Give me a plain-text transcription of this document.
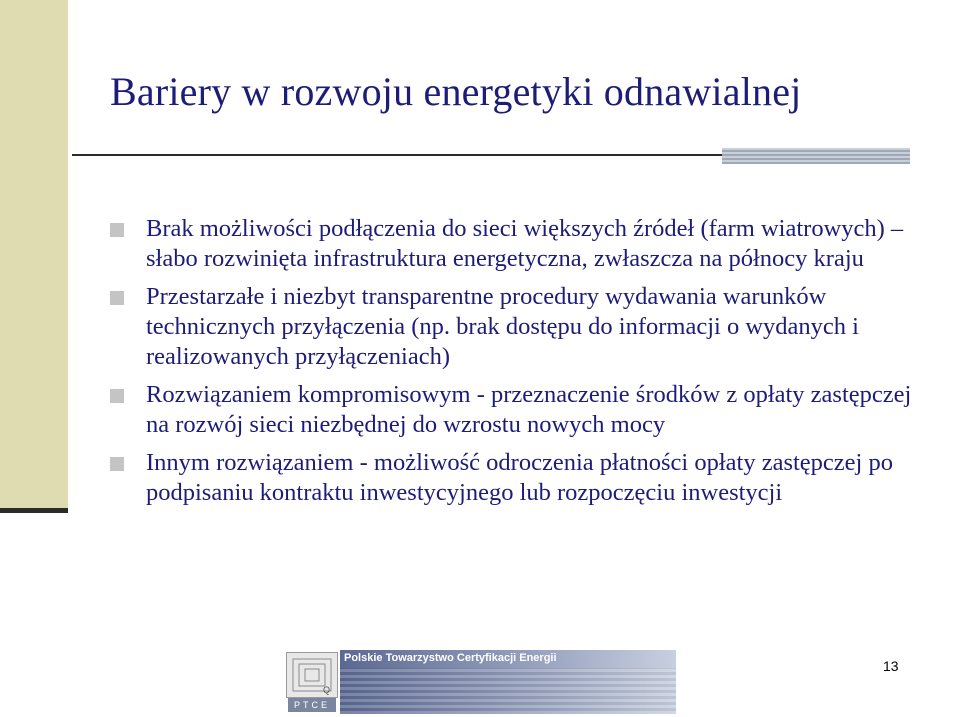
Bariery w rozwoju energetyki odnawialnej
Brak możliwości podłączenia do sieci większych źródeł (farm wiatrowych) – słabo rozwinięta infrastruktura energetyczna, zwłaszcza na północy kraju
Przestarzałe i niezbyt transparentne procedury wydawania warunków technicznych przyłączenia (np. brak dostępu do informacji o wydanych i realizowanych przyłączeniach)
Rozwiązaniem kompromisowym - przeznaczenie środków z opłaty zastępczej na rozwój sieci niezbędnej do wzrostu nowych mocy
Innym rozwiązaniem - możliwość odroczenia płatności opłaty zastępczej po podpisaniu kontraktu inwestycyjnego lub rozpoczęciu inwestycji
Q
PTCE
Polskie Towarzystwo Certyfikacji Energii	13
